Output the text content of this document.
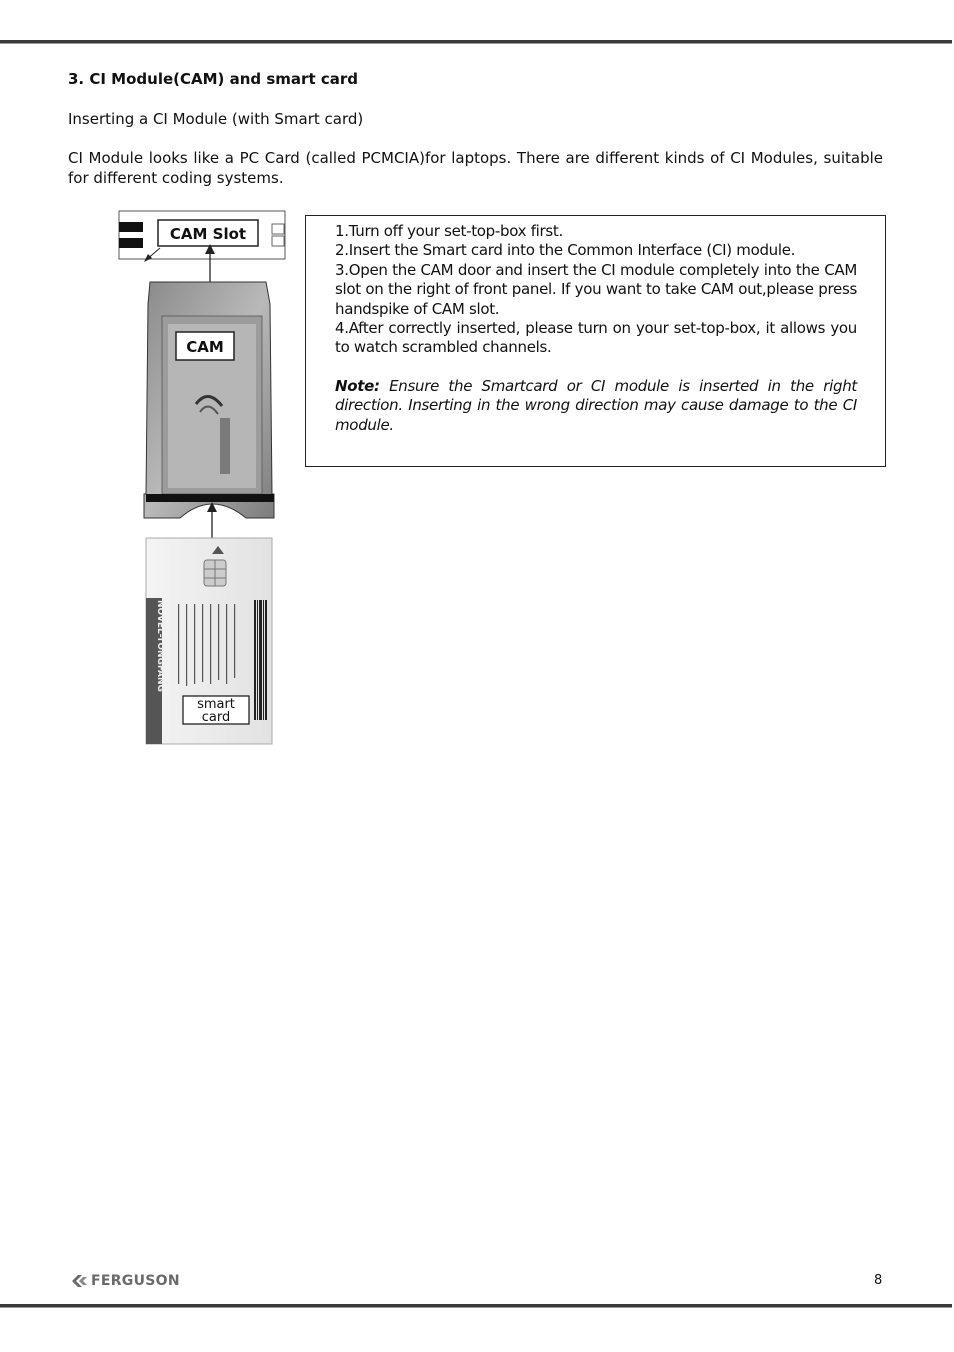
3. CI Module(CAM) and smart card
Inserting a CI Module (with Smart card)
CI Module looks like a PC Card (called PCMCIA)for laptops. There are different kinds of CI Modules, suitable for different coding systems.
CAM Slot
CAM
NOVEL-TONGFANG
smart
card

1.Turn off your set-top-box first.

2.Insert the Smart card into the Common Interface (CI) module.

3.Open the CAM door and insert the CI module completely into the CAM slot on the right of front panel. If you want to take CAM out,please press handspike of CAM slot.

4.After correctly inserted, please turn on your set-top-box, it allows you to watch scrambled channels.

Note: Ensure the Smartcard or CI module is inserted in the right direction. Inserting in the wrong direction may cause damage to the CI module.

FERGUSON	8
